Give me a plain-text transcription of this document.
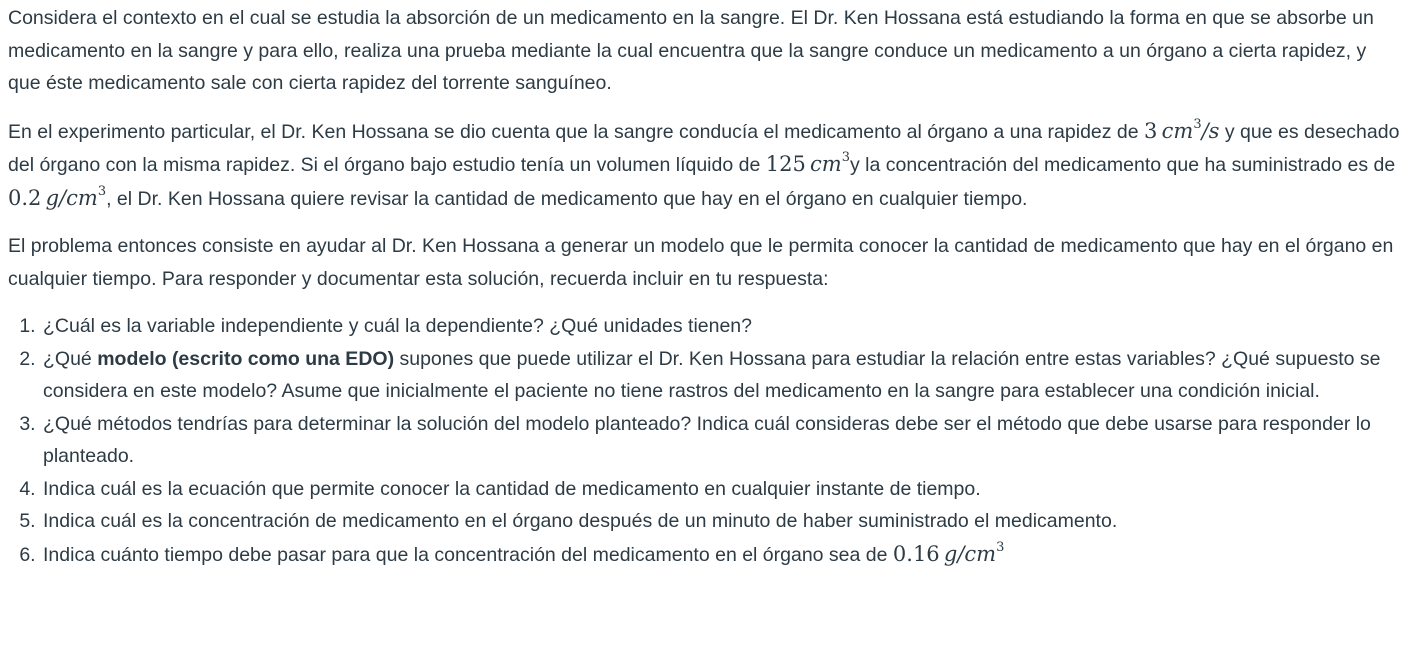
Considera el contexto en el cual se estudia la absorción de un medicamento en la sangre. El Dr. Ken Hossana está estudiando la forma en que se absorbe un medicamento en la sangre y para ello, realiza una prueba mediante la cual encuentra que la sangre conduce un medicamento a un órgano a cierta rapidez, y que éste medicamento sale con cierta rapidez del torrente sanguíneo.

En el experimento particular, el Dr. Ken Hossana se dio cuenta que la sangre conducía el medicamento al órgano a una rapidez de 3  $cm^3/s$ y que es desechado del órgano con la misma rapidez. Si el órgano bajo estudio tenía un volumen líquido de 125  $cm^3y$ la concentración del medicamento que ha suministrado es de 0.2  $g/cm^3$, el Dr. Ken Hossana quiere revisar la cantidad de medicamento que hay en el órgano en cualquier tiempo.

El problema entonces consiste en ayudar al Dr. Ken Hossana a generar un modelo que le permita conocer la cantidad de medicamento que hay en el órgano en cualquier tiempo. Para responder y documentar esta solución, recuerda incluir en tu respuesta:

1. ¿Cuál es la variable independiente y cuál la dependiente? ¿Qué unidades tienen?
2. ¿Qué modelo (escrito como una EDO) supones que puede utilizar el Dr. Ken Hossana para estudiar la relación entre estas variables? ¿Qué supuesto se considera en este modelo? Asume que inicialmente el paciente no tiene rastros del medicamento en la sangre para establecer una condición inicial.
3. ¿Qué métodos tendrías para determinar la solución del modelo planteado? Indica cuál consideras debe ser el método que debe usarse para responder lo planteado.
4. Indica cuál es la ecuación que permite conocer la cantidad de medicamento en cualquier instante de tiempo.
5. Indica cuál es la concentración de medicamento en el órgano después de un minuto de haber suministrado el medicamento.
6. Indica cuánto tiempo debe pasar para que la concentración del medicamento en el órgano sea de 0.16  $g/cm^3$
